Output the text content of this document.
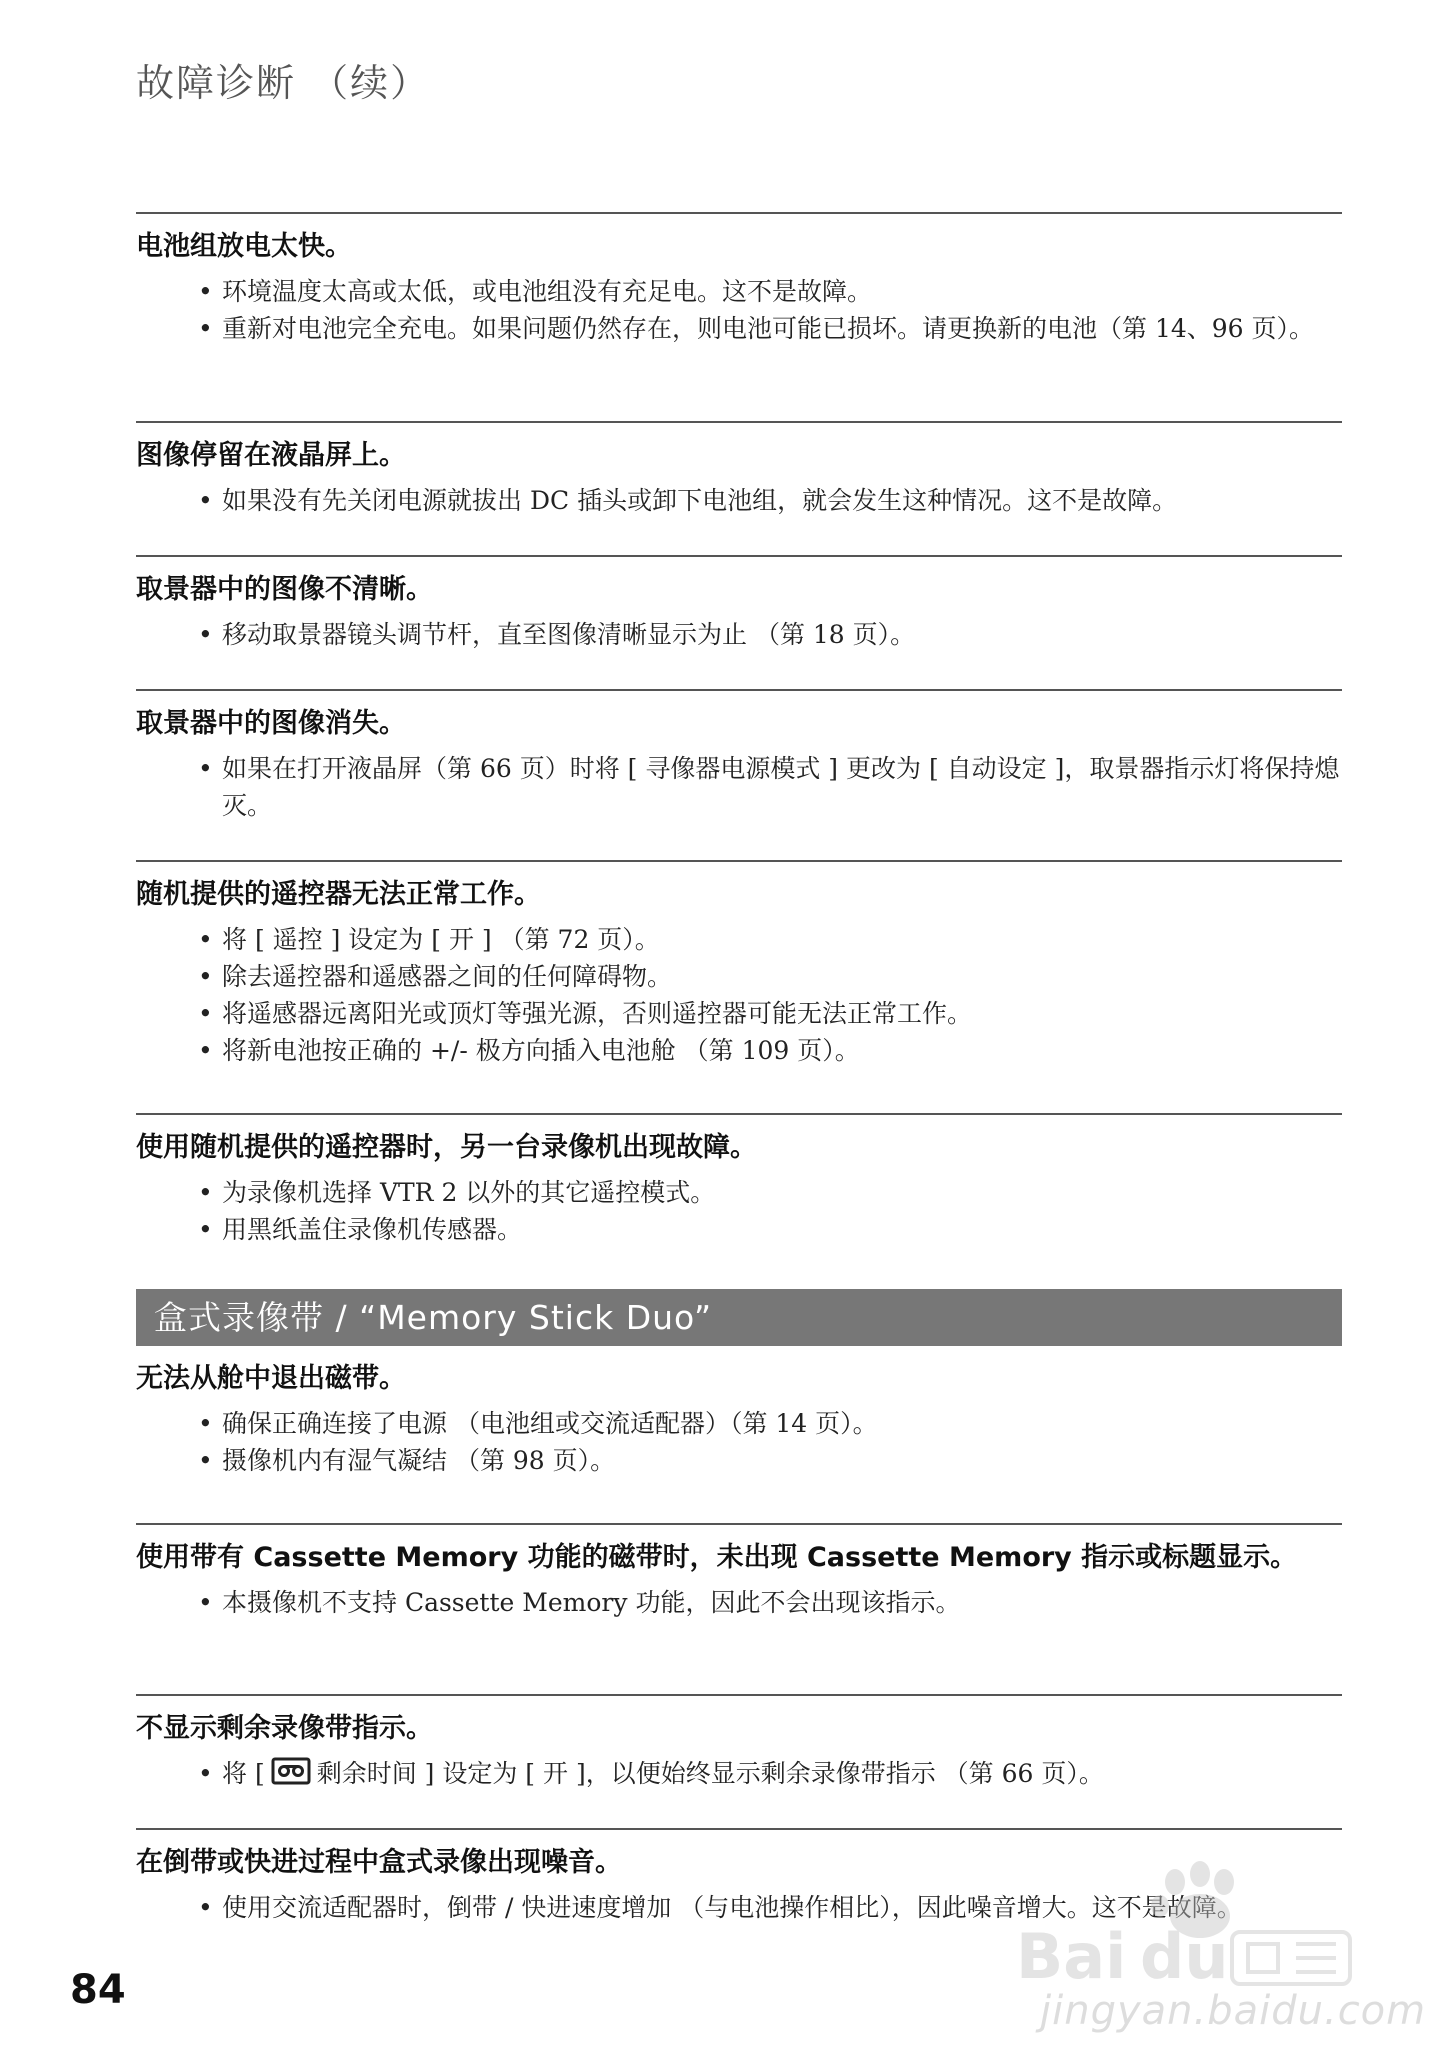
故障诊断 （续）
电池组放电太快。
• 环境温度太高或太低，或电池组没有充足电。这不是故障。
• 重新对电池完全充电。如果问题仍然存在，则电池可能已损坏。请更换新的电池（第 14、96 页）。
图像停留在液晶屏上。
• 如果没有先关闭电源就拔出 DC 插头或卸下电池组，就会发生这种情况。这不是故障。
取景器中的图像不清晰。
• 移动取景器镜头调节杆，直至图像清晰显示为止 （第 18 页）。
取景器中的图像消失。
• 如果在打开液晶屏（第 66 页）时将 [ 寻像器电源模式 ] 更改为 [ 自动设定 ]，取景器指示灯将保持熄灭。
随机提供的遥控器无法正常工作。
• 将 [ 遥控 ] 设定为 [ 开 ] （第 72 页）。
• 除去遥控器和遥感器之间的任何障碍物。
• 将遥感器远离阳光或顶灯等强光源，否则遥控器可能无法正常工作。
• 将新电池按正确的 +/- 极方向插入电池舱 （第 109 页）。
使用随机提供的遥控器时，另一台录像机出现故障。
• 为录像机选择 VTR 2 以外的其它遥控模式。
• 用黑纸盖住录像机传感器。
盒式录像带 / “Memory Stick Duo”
无法从舱中退出磁带。
• 确保正确连接了电源 （电池组或交流适配器）（第 14 页）。
• 摄像机内有湿气凝结 （第 98 页）。
使用带有 Cassette Memory 功能的磁带时，未出现 Cassette Memory 指示或标题显示。
• 本摄像机不支持 Cassette Memory 功能，因此不会出现该指示。
不显示剩余录像带指示。
• 将 [ 剩余时间 ] 设定为 [ 开 ]，以便始终显示剩余录像带指示 （第 66 页）。
在倒带或快进过程中盒式录像出现噪音。
• 使用交流适配器时，倒带 / 快进速度增加 （与电池操作相比），因此噪音增大。这不是故障。
84	Bai du
jingyan.baidu.com
